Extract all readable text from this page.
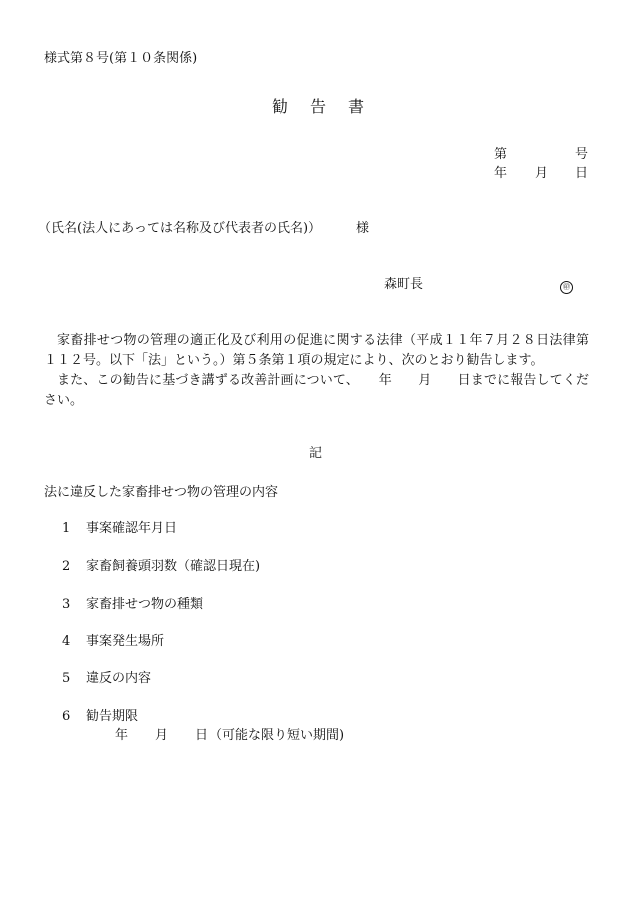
様式第８号(第１０条関係)
勧 告 書
第	号
年 月 日
（氏名(法人にあっては名称及び代表者の氏名)）	様
森町長	㊞
家畜排せつ物の管理の適正化及び利用の促進に関する法律（平成１１年７月２８日法律第１１２号。以下「法」という。）第５条第１項の規定により、次のとおり勧告します。
また、この勧告に基づき講ずる改善計画について、　　年　　月　　日までに報告してください。
記
法に違反した家畜排せつ物の管理の内容
1 事案確認年月日
2 家畜飼養頭羽数（確認日現在)
3 家畜排せつ物の種類
4 事案発生場所
5 違反の内容
6 勧告期限
年 月 日 （可能な限り短い期間)
